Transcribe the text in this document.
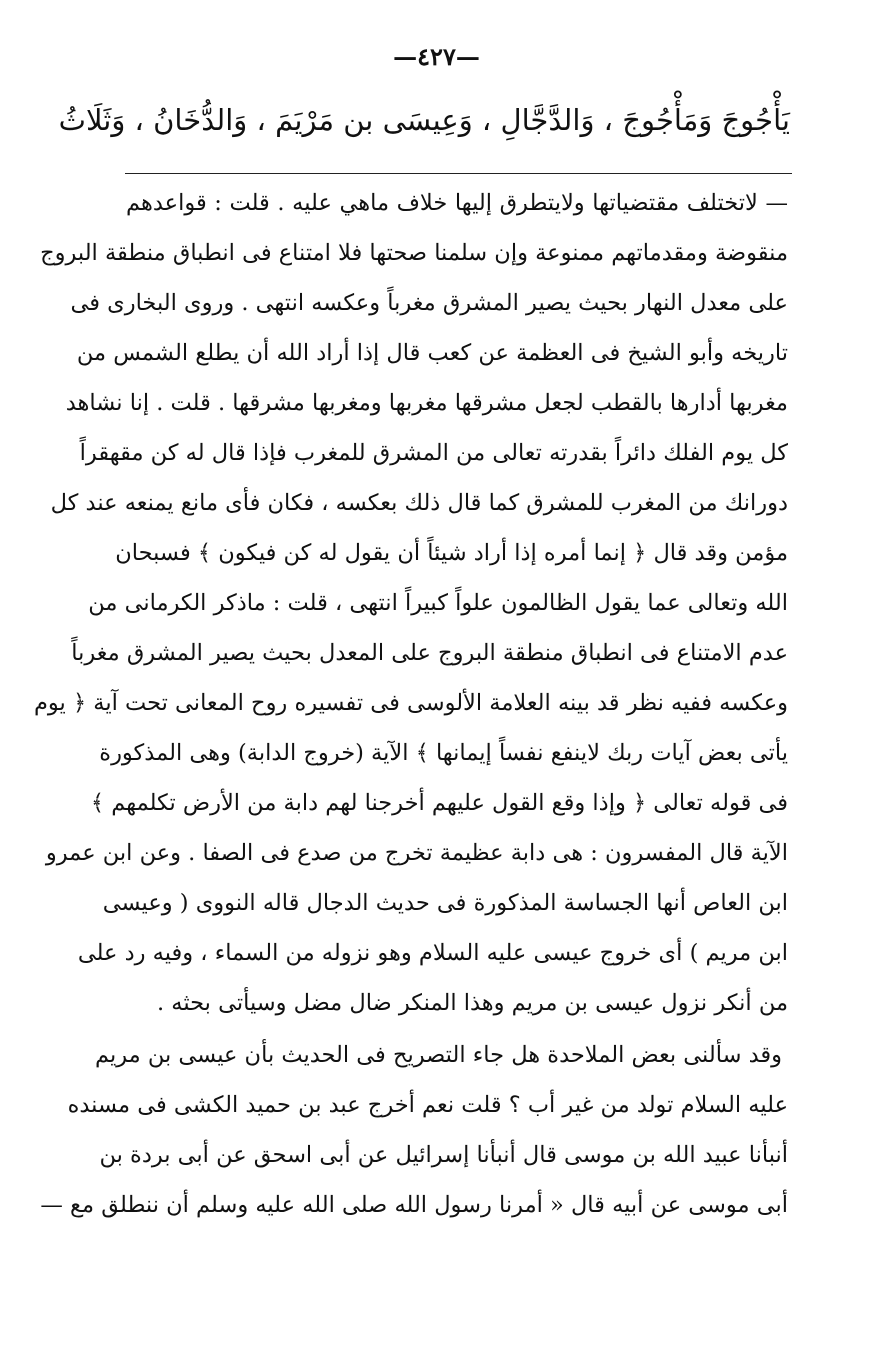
—٤٢٧—
يَأْجُوجَ وَمَأْجُوجَ ، وَالدَّجَّالِ ، وَعِيسَى بن مَرْيَمَ ، وَالدُّخَانُ ، وَثَلَاثُ
— لاتختلف مقتضياتها ولايتطرق إليها خلاف ماهي عليه . قلت : قواعدهم
منقوضة ومقدماتهم ممنوعة وإن سلمنا صحتها فلا امتناع فى انطباق منطقة البروج
على معدل النهار بحيث يصير المشرق مغرباً وعكسه انتهى . وروى البخارى فى
تاريخه وأبو الشيخ فى العظمة عن كعب قال إذا أراد الله أن يطلع الشمس من
مغربها أدارها بالقطب لجعل مشرقها مغربها ومغربها مشرقها . قلت . إنا نشاهد
كل يوم الفلك دائراً بقدرته تعالى من المشرق للمغرب فإذا قال له كن مقهقراً
دورانك من المغرب للمشرق كما قال ذلك بعكسه ، فكان فأى مانع يمنعه عند كل
مؤمن وقد قال ﴿ إنما أمره إذا أراد شيئاً أن يقول له كن فيكون ﴾ فسبحان
الله وتعالى عما يقول الظالمون علواً كبيراً انتهى ، قلت : ماذكر الكرمانى من
عدم الامتناع فى انطباق منطقة البروج على المعدل بحيث يصير المشرق مغرباً
وعكسه ففيه نظر قد بينه العلامة الألوسى فى تفسيره روح المعانى تحت آية ﴿ يوم
يأتى بعض آيات ربك لاينفع نفساً إيمانها ﴾ الآية (خروج الدابة) وهى المذكورة
فى قوله تعالى ﴿ وإذا وقع القول عليهم أخرجنا لهم دابة من الأرض تكلمهم ﴾
الآية قال المفسرون : هى دابة عظيمة تخرج من صدع فى الصفا . وعن ابن عمرو
ابن العاص أنها الجساسة المذكورة فى حديث الدجال قاله النووى ( وعيسى
ابن مريم ) أى خروج عيسى عليه السلام وهو نزوله من السماء ، وفيه رد على
من أنكر نزول عيسى بن مريم وهذا المنكر ضال مضل وسيأتى بحثه .
وقد سألنى بعض الملاحدة هل جاء التصريح فى الحديث بأن عيسى بن مريم
عليه السلام تولد من غير أب ؟ قلت نعم أخرج عبد بن حميد الكشى فى مسنده
أنبأنا عبيد الله بن موسى قال أنبأنا إسرائيل عن أبى اسحق عن أبى بردة بن
أبى موسى عن أبيه قال « أمرنا رسول الله صلى الله عليه وسلم أن ننطلق مع —
